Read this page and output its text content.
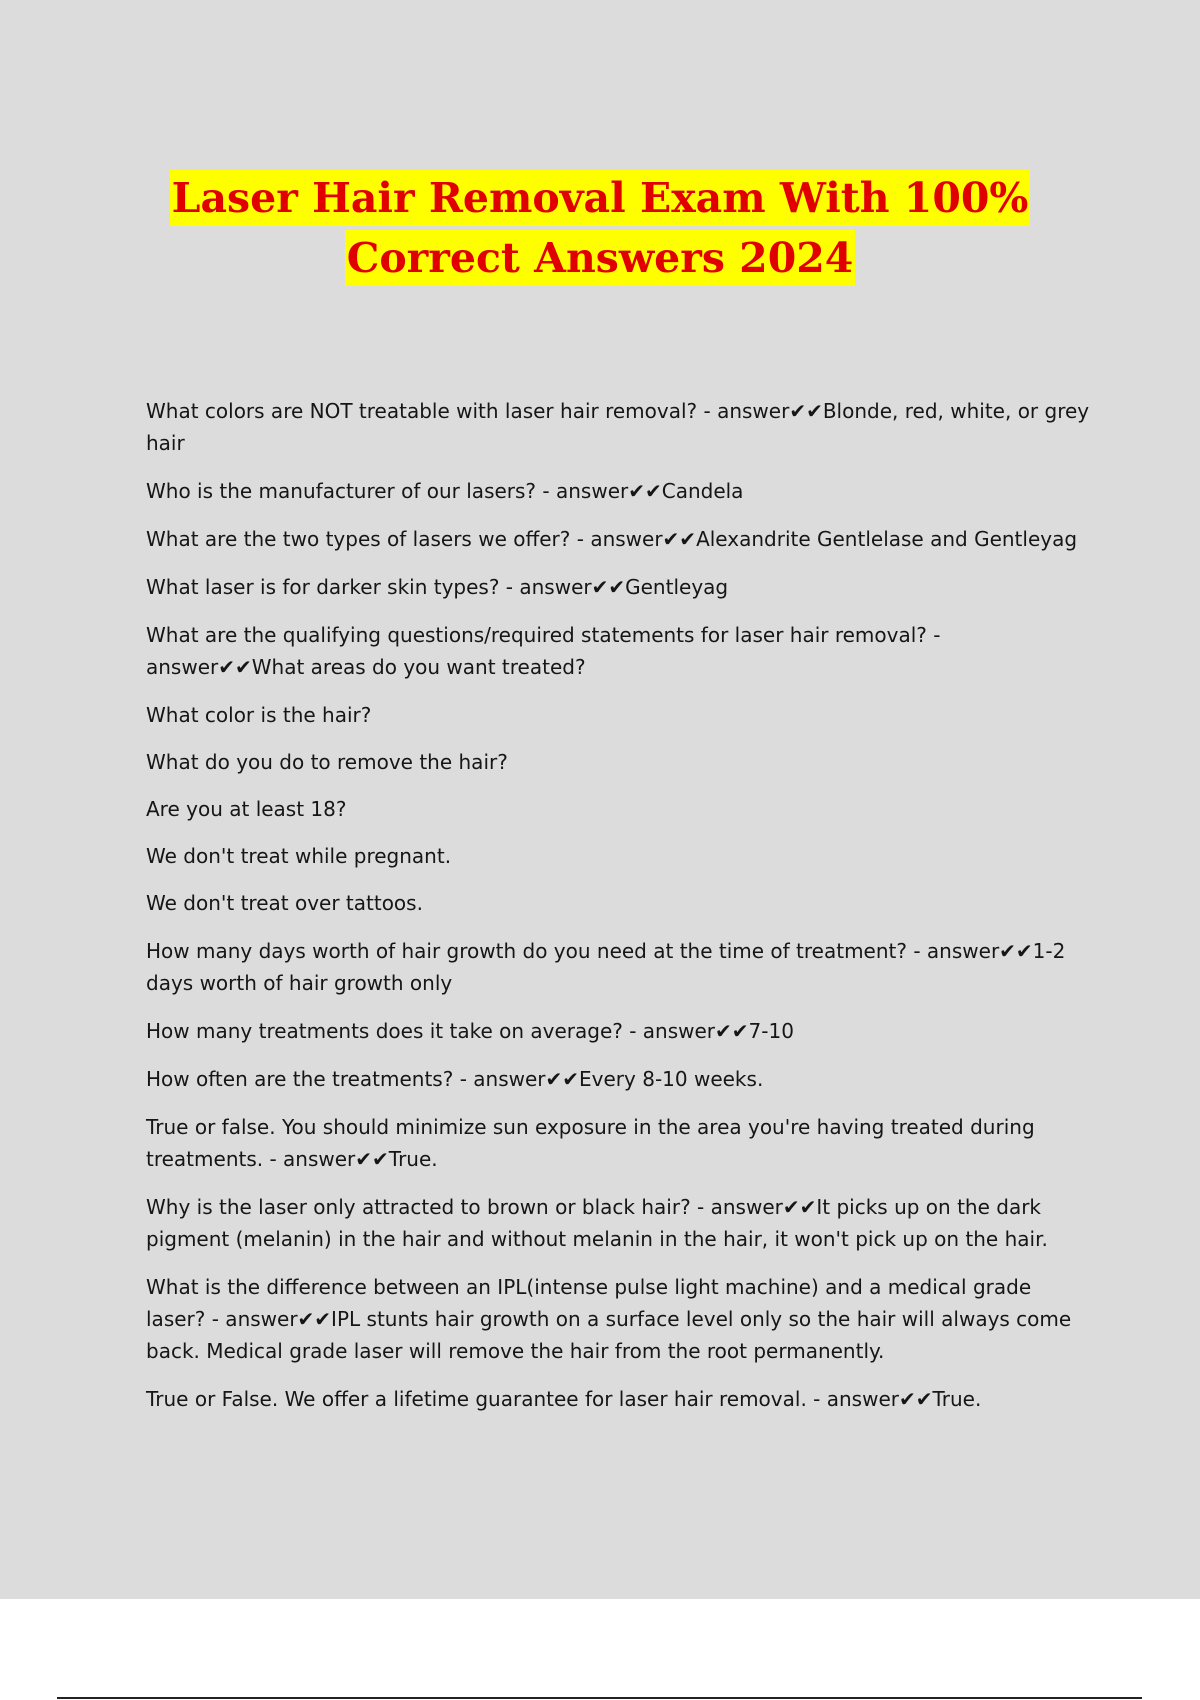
Laser Hair Removal Exam With 100%
Correct Answers 2024
What colors are NOT treatable with laser hair removal? - answer✔✔Blonde, red, white, or grey hair
Who is the manufacturer of our lasers? - answer✔✔Candela
What are the two types of lasers we offer? - answer✔✔Alexandrite Gentlelase and Gentleyag
What laser is for darker skin types? - answer✔✔Gentleyag
What are the qualifying questions/required statements for laser hair removal? - answer✔✔What areas do you want treated?
What color is the hair?
What do you do to remove the hair?
Are you at least 18?
We don't treat while pregnant.
We don't treat over tattoos.
How many days worth of hair growth do you need at the time of treatment? - answer✔✔1-2 days worth of hair growth only
How many treatments does it take on average? - answer✔✔7-10
How often are the treatments? - answer✔✔Every 8-10 weeks.
True or false. You should minimize sun exposure in the area you're having treated during treatments. - answer✔✔True.
Why is the laser only attracted to brown or black hair? - answer✔✔It picks up on the dark pigment (melanin) in the hair and without melanin in the hair, it won't pick up on the hair.
What is the difference between an IPL(intense pulse light machine) and a medical grade laser? - answer✔✔IPL stunts hair growth on a surface level only so the hair will always come back. Medical grade laser will remove the hair from the root permanently.
True or False. We offer a lifetime guarantee for laser hair removal. - answer✔✔True.
